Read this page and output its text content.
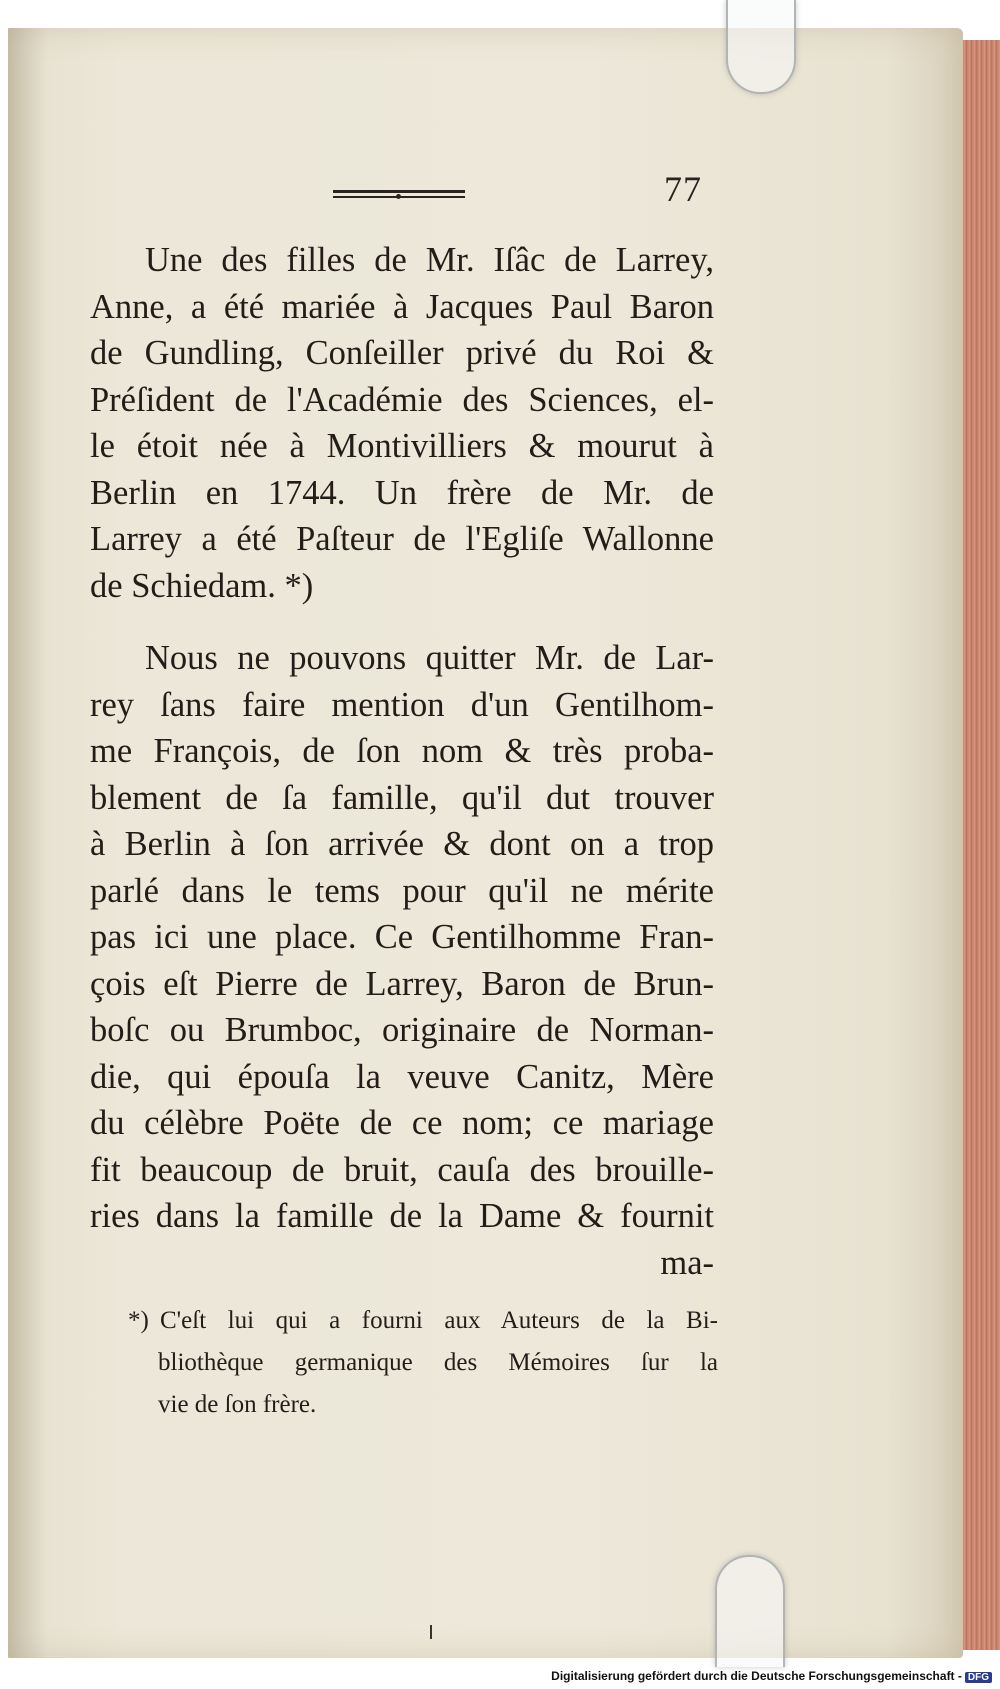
77
Une des filles de Mr. Iſâc de Larrey,
Anne, a été mariée à Jacques Paul Baron
de Gundling, Conſeiller privé du Roi &
Préſident de l'Académie des Sciences, el-
le étoit née à Montivilliers & mourut à
Berlin en 1744. Un frère de Mr. de
Larrey a été Paſteur de l'Egliſe Wallonne
de Schiedam. *)
Nous ne pouvons quitter Mr. de Lar-
rey ſans faire mention d'un Gentilhom-
me François, de ſon nom & très proba-
blement de ſa famille, qu'il dut trouver
à Berlin à ſon arrivée & dont on a trop
parlé dans le tems pour qu'il ne mérite
pas ici une place. Ce Gentilhomme Fran-
çois eſt Pierre de Larrey, Baron de Brun-
boſc ou Brumboc, originaire de Norman-
die, qui épouſa la veuve Canitz, Mère
du célèbre Poëte de ce nom; ce mariage
fit beaucoup de bruit, cauſa des brouille-
ries dans la famille de la Dame & fournit
ma-
*) C'eſt lui qui a fourni aux Auteurs de la Bi-
bliothèque germanique des Mémoires ſur la
vie de ſon frère.
Digitalisierung gefördert durch die Deutsche Forschungsgemeinschaft - DFG
